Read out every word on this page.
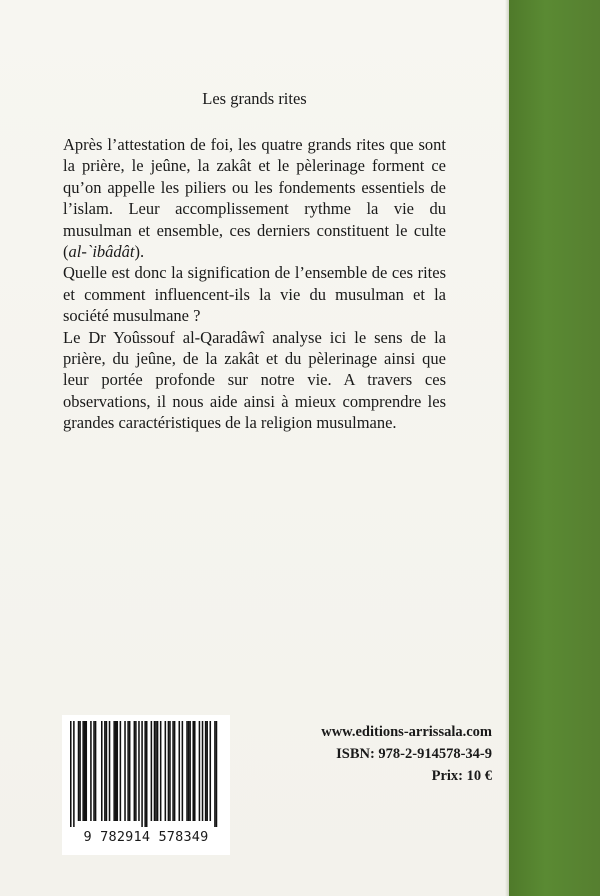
Les grands rites

Après l’attestation de foi, les quatre grands rites que sont la prière, le jeûne, la zakât et le pèlerinage forment ce qu’on appelle les piliers ou les fondements essentiels de l’islam. Leur accomplissement rythme la vie du musulman et ensemble, ces derniers constituent le culte (al-`ibâdât).

Quelle est donc la signification de l’ensemble de ces rites et comment influencent-ils la vie du musulman et la société musulmane ?

Le Dr Yoûssouf al-Qaradâwî analyse ici le sens de la prière, du jeûne, de la zakât et du pèlerinage ainsi que leur portée profonde sur notre vie. A travers ces observations, il nous aide ainsi à mieux comprendre les grandes caractéristiques de la religion musulmane.

9 782914 578349
www.editions-arrissala.com
ISBN: 978-2-914578-34-9
Prix: 10 €
